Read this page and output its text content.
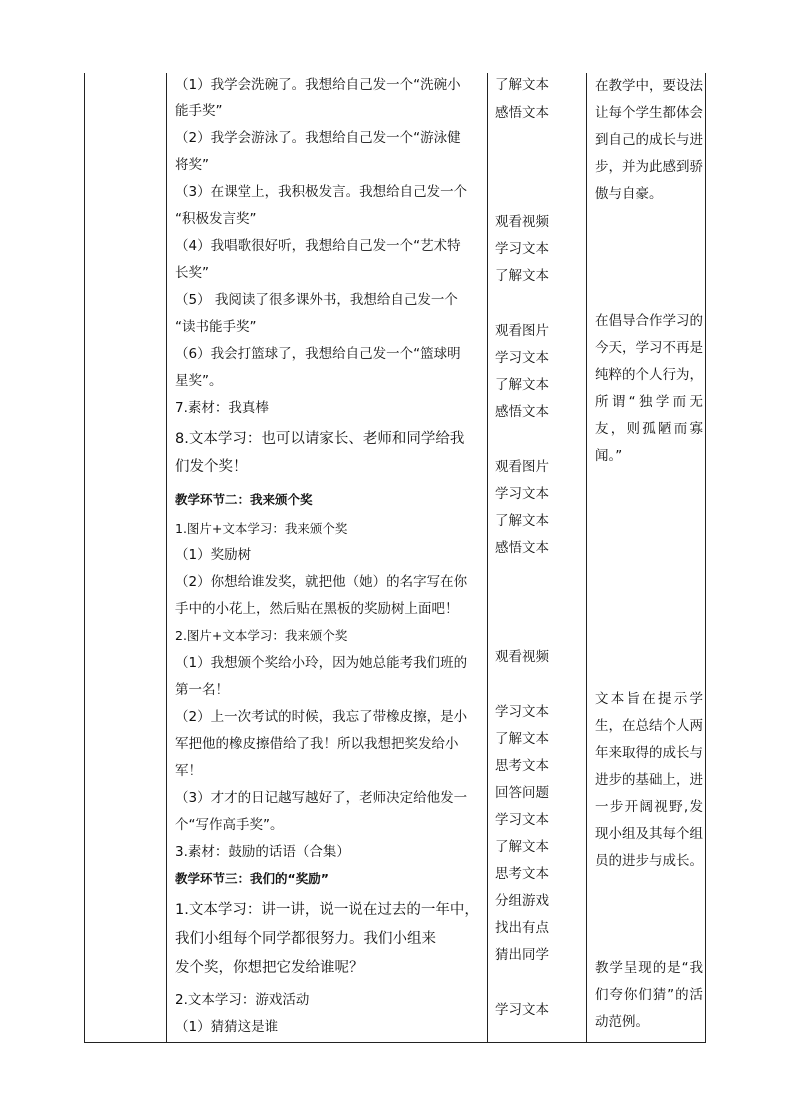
（1）我学会洗碗了。我想给自己发一个“洗碗小
能手奖”
（2）我学会游泳了。我想给自己发一个“游泳健
将奖”
（3）在课堂上，我积极发言。我想给自己发一个
“积极发言奖”
（4）我唱歌很好听，我想给自己发一个“艺术特
长奖”
（5） 我阅读了很多课外书，我想给自己发一个
“读书能手奖”
（6）我会打篮球了，我想给自己发一个“篮球明
星奖”。
7.素材：我真棒
8.文本学习：也可以请家长、老师和同学给我
们发个奖！
教学环节二：我来颁个奖
1.图片+文本学习：我来颁个奖
（1）奖励树
（2）你想给谁发奖，就把他（她）的名字写在你
手中的小花上，然后贴在黑板的奖励树上面吧！
2.图片+文本学习：我来颁个奖
（1）我想颁个奖给小玲，因为她总能考我们班的
第一名！
（2）上一次考试的时候，我忘了带橡皮擦，是小
军把他的橡皮擦借给了我！所以我想把奖发给小
军！
（3）才才的日记越写越好了，老师决定给他发一
个“写作高手奖”。
3.素材：鼓励的话语（合集）
教学环节三：我们的“奖励”
1.文本学习：讲一讲，说一说在过去的一年中，
我们小组每个同学都很努力。我们小组来
发个奖，你想把它发给谁呢？
2.文本学习：游戏活动
（1）猜猜这是谁
了解文本
感悟文本
观看视频
学习文本
了解文本
观看图片
学习文本
了解文本
感悟文本
观看图片
学习文本
了解文本
感悟文本
观看视频
学习文本
了解文本
思考文本
回答问题
学习文本
了解文本
思考文本
分组游戏
找出有点
猜出同学
学习文本
在教学中，要设法让每个学生都体会到自己的成长与进步，并为此感到骄傲与自豪。
在倡导合作学习的今天，学习不再是纯粹的个人行为，所谓“独学而无友，则孤陋而寡闻。”
文本旨在提示学生，在总结个人两年来取得的成长与进步的基础上，进一步开阔视野,发现小组及其每个组员的进步与成长。
教学呈现的是“我们夸你们猜”的活动范例。
